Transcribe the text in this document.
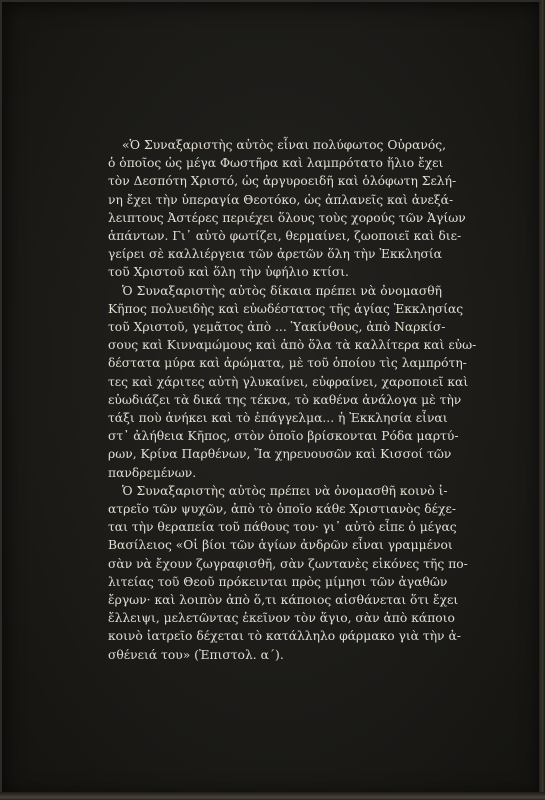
«Ὁ Συναξαριστὴς αὐτὸς εἶναι πολύφωτος Οὐρανός,
ὁ ὁποῖος ὡς μέγα Φωστῆρα καὶ λαμπρότατο ἥλιο ἔχει
τὸν Δεσπότη Χριστό, ὡς ἀργυροειδῆ καὶ ὁλόφωτη Σελή-
νη ἔχει τὴν ὑπεραγία Θεοτόκο, ὡς ἀπλανεῖς καὶ ἀνεξά-
λειπτους Ἀστέρες περιέχει ὅλους τοὺς χορούς τῶν Ἁγίων
ἁπάντων. Γι᾽ αὐτὸ φωτίζει, θερμαίνει, ζωοποιεῖ καὶ διε-
γείρει σὲ καλλιέργεια τῶν ἀρετῶν ὅλη τὴν Ἐκκλησία
τοῦ Χριστοῦ καὶ ὅλη τὴν ὑφήλιο κτίσι.

Ὁ Συναξαριστὴς αὐτὸς δίκαια πρέπει νὰ ὀνομασθῆ
Κῆπος πολυειδὴς καὶ εὐωδέστατος τῆς ἁγίας Ἐκκλησίας
τοῦ Χριστοῦ, γεμᾶτος ἀπὸ ... Ὑακίνθους, ἀπὸ Ναρκίσ-
σους καὶ Κινναμώμους καὶ ἀπὸ ὅλα τὰ καλλίτερα καὶ εὐω-
δέστατα μύρα καὶ ἀρώματα, μὲ τοῦ ὁποίου τὶς λαμπρότη-
τες καὶ χάριτες αὐτὴ γλυκαίνει, εὐφραίνει, χαροποιεῖ καὶ
εὐωδιάζει τὰ δικά της τέκνα, τὸ καθένα ἀνάλογα μὲ τὴν
τάξι ποὺ ἀνήκει καὶ τὸ ἐπάγγελμα... ἡ Ἐκκλησία εἶναι
στ᾽ ἀλήθεια Κῆπος, στὸν ὁποῖο βρίσκονται Ρόδα μαρτύ-
ρων, Κρίνα Παρθένων, Ἴα χηρευουσῶν καὶ Κισσοί τῶν
πανδρεμένων.

Ὁ Συναξαριστὴς αὐτὸς πρέπει νὰ ὀνομασθῆ κοινὸ ἰ-
ατρεῖο τῶν ψυχῶν, ἀπὸ τὸ ὁποῖο κάθε Χριστιανὸς δέχε-
ται τὴν θεραπεία τοῦ πάθους του· γι᾽ αὐτὸ εἶπε ὁ μέγας
Βασίλειος «Οἱ βίοι τῶν ἁγίων ἀνδρῶν εἶναι γραμμένοι
σὰν νὰ ἔχουν ζωγραφισθῆ, σὰν ζωντανὲς εἰκόνες τῆς πο-
λιτείας τοῦ Θεοῦ πρόκεινται πρὸς μίμησι τῶν ἀγαθῶν
ἔργων· καὶ λοιπὸν ἀπὸ ὅ,τι κάποιος αἰσθάνεται ὅτι ἔχει
ἔλλειψι, μελετῶντας ἐκεῖνον τὸν ἅγιο, σὰν ἀπὸ κάποιο
κοινὸ ἰατρεῖο δέχεται τὸ κατάλληλο φάρμακο γιὰ τὴν ἀ-
σθένειά του» (Ἐπιστολ. α΄).
